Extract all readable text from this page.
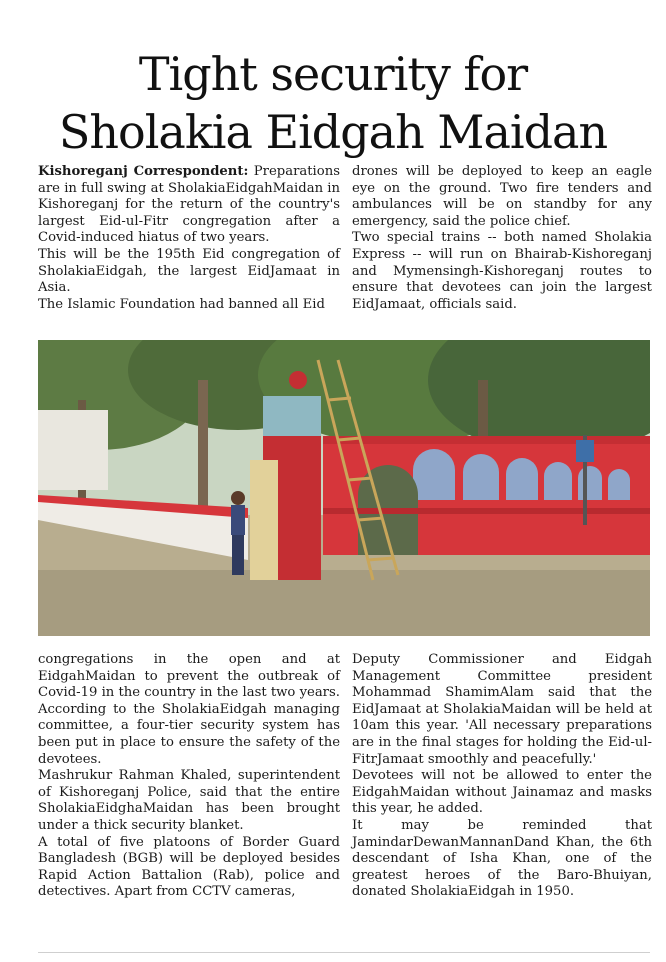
Tight security for
Sholakia Eidgah Maidan

Kishoreganj Correspondent: Preparations are in full swing at SholakiaEidgahMaidan in Kishoreganj for the return of the country's largest Eid-ul-Fitr congregation after a Covid-induced hiatus of two years.

This will be the 195th Eid congregation of SholakiaEidgah, the largest EidJamaat in Asia.

The Islamic Foundation had banned all Eid

drones will be deployed to keep an eagle eye on the ground. Two fire tenders and ambulances will be on standby for any emergency, said the police chief.

Two special trains -- both named Sholakia Express -- will run on Bhairab-Kishoreganj and Mymensingh-Kishoreganj routes to ensure that devotees can join the largest EidJamaat, officials said.

congregations in the open and at EidgahMaidan to prevent the outbreak of Covid-19 in the country in the last two years.

According to the SholakiaEidgah managing committee, a four-tier security system has been put in place to ensure the safety of the devotees.

Mashrukur Rahman Khaled, superintendent of Kishoreganj Police, said that the entire SholakiaEidghaMaidan has been brought under a thick security blanket.

A total of five platoons of Border Guard Bangladesh (BGB) will be deployed besides Rapid Action Battalion (Rab), police and detectives. Apart from CCTV cameras,

Deputy Commissioner and Eidgah Management Committee president Mohammad ShamimAlam said that the EidJamaat at SholakiaMaidan will be held at 10am this year. 'All necessary preparations are in the final stages for holding the Eid-ul-FitrJamaat smoothly and peacefully.'

Devotees will not be allowed to enter the EidgahMaidan without Jainamaz and masks this year, he added.

It may be reminded that JamindarDewanMannanDand Khan, the 6th descendant of Isha Khan, one of the greatest heroes of the Baro-Bhuiyan, donated SholakiaEidgah in 1950.
